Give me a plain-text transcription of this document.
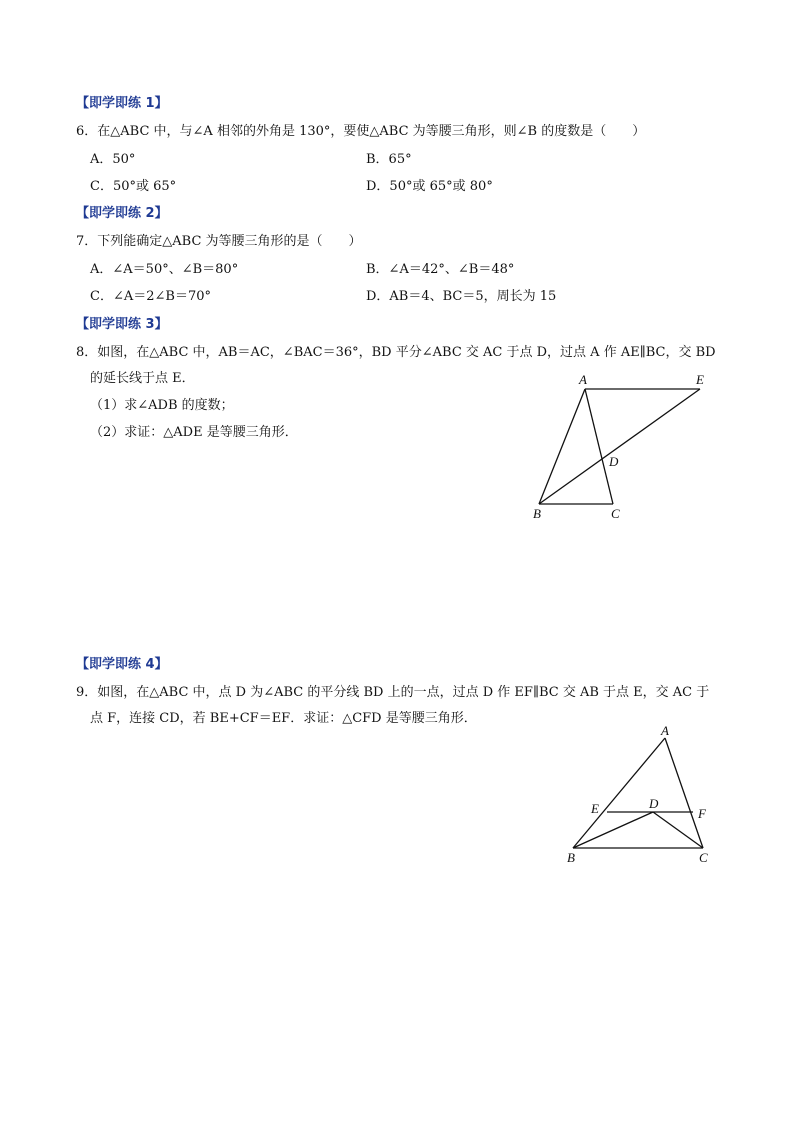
【即学即练 1】
6．在△ABC 中，与∠A 相邻的外角是 130°，要使△ABC 为等腰三角形，则∠B 的度数是（　　）
A．50°	B．65°
C．50°或 65°	D．50°或 65°或 80°
【即学即练 2】
7．下列能确定△ABC 为等腰三角形的是（　　）
A．∠A＝50°、∠B＝80°	B．∠A＝42°、∠B＝48°
C．∠A＝2∠B＝70°	D．AB＝4、BC＝5，周长为 15
【即学即练 3】
8．如图，在△ABC 中，AB＝AC，∠BAC＝36°，BD 平分∠ABC 交 AC 于点 D，过点 A 作 AE∥BC，交 BD
的延长线于点 E．
（1）求∠ADB 的度数；
（2）求证：△ADE 是等腰三角形．
A	E
D
B	C
【即学即练 4】
9．如图，在△ABC 中，点 D 为∠ABC 的平分线 BD 上的一点，过点 D 作 EF∥BC 交 AB 于点 E，交 AC 于
点 F，连接 CD，若 BE+CF＝EF．求证：△CFD 是等腰三角形．
A
E	D
F
B	C
